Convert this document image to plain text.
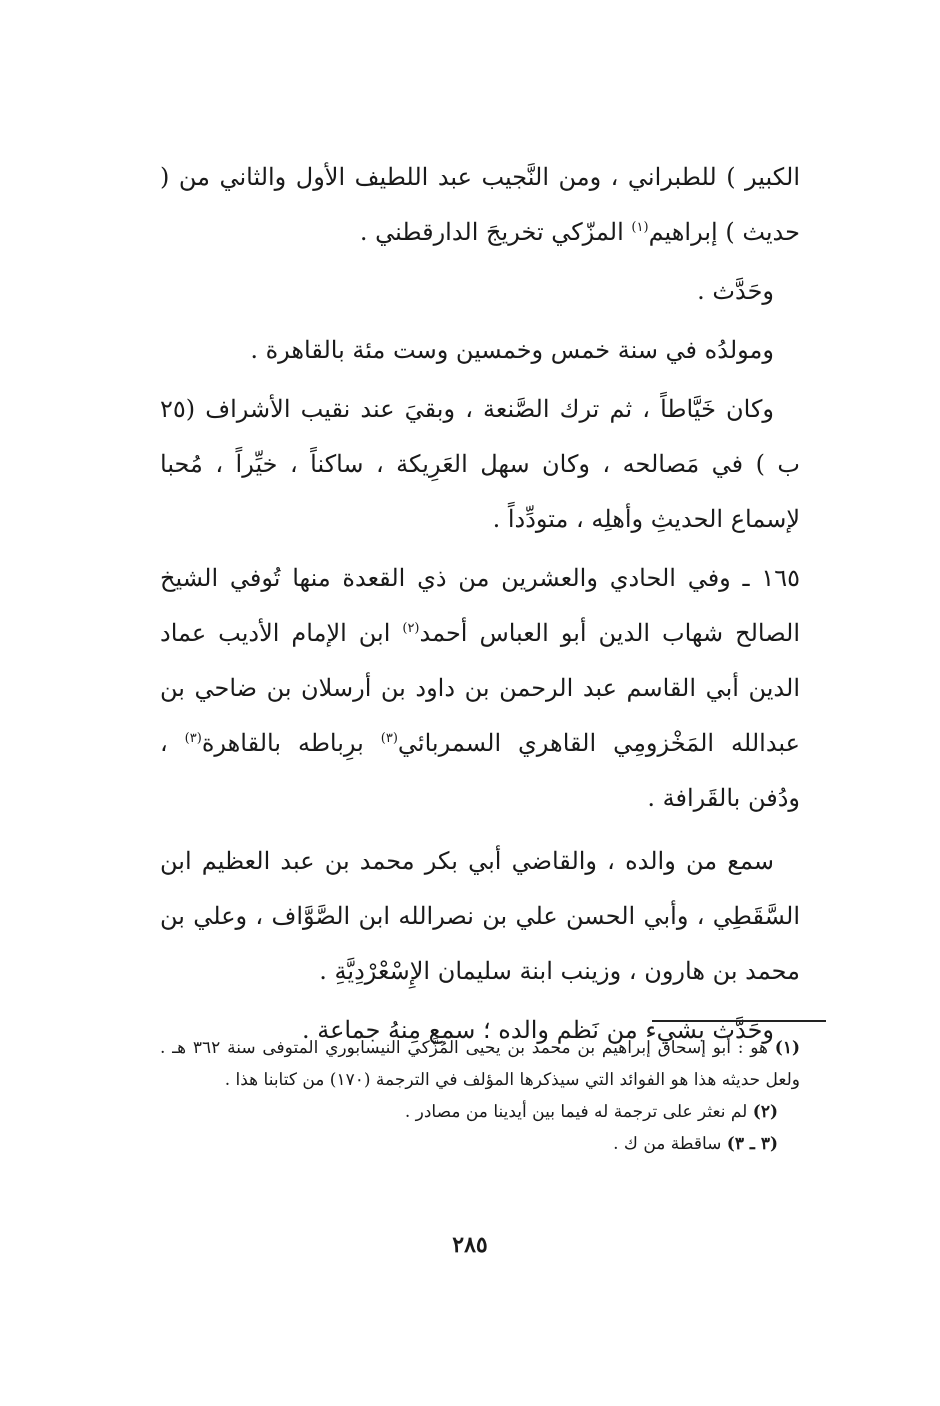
الكبير ) للطبراني ، ومن النَّجيب عبد اللطيف الأول والثاني من ( حديث ) إبراهيم$^{(١)}$ المزّكي تخريجَ الدارقطني .

وحَدَّث .

ومولدُه في سنة خمس وخمسين وست مئة بالقاهرة .

وكان خَيَّاطاً ، ثم ترك الصَّنعة ، وبقيَ عند نقيب الأشراف (٢٥ ب ) في مَصالحه ، وكان سهل العَرِيكة ، ساكناً ، خيِّراً ، مُحبا لإسماع الحديثِ وأهلِه ، متودِّداً .

١٦٥ ـ وفي الحادي والعشرين من ذي القعدة منها تُوفي الشيخ الصالح شهاب الدين أبو العباس أحمد$^{(٢)}$ ابن الإمام الأديب عماد الدين أبي القاسم عبد الرحمن بن داود بن أرسلان بن ضاحي بن عبدالله المَخْزومِي القاهري السمربائي$^{(٣)}$ برِباطه بالقاهرة$^{(٣)}$ ، ودُفن بالقَرافة .

سمع من والده ، والقاضي أبي بكر محمد بن عبد العظيم ابن السَّقَطِي ، وأبي الحسن علي بن نصرالله ابن الصَّوَّاف ، وعلي بن محمد بن هارون ، وزينب ابنة سليمان الإِسْعْرْدِيَّةِ .

وحَدَّث بشيء من نَظم والده ؛ سمع مِنهُ جماعة .

(١) هو : أبو إسحاق إبراهيم بن محمد بن يحيى المُزَّكي النيسابوري المتوفى سنة ٣٦٢ هـ . ولعل حديثه هذا هو الفوائد التي سيذكرها المؤلف في الترجمة (١٧٠) من كتابنا هذا .

(٢) لم نعثر على ترجمة له فيما بين أيدينا من مصادر .

(٣ ـ ٣) ساقطة من ك .

٢٨٥
